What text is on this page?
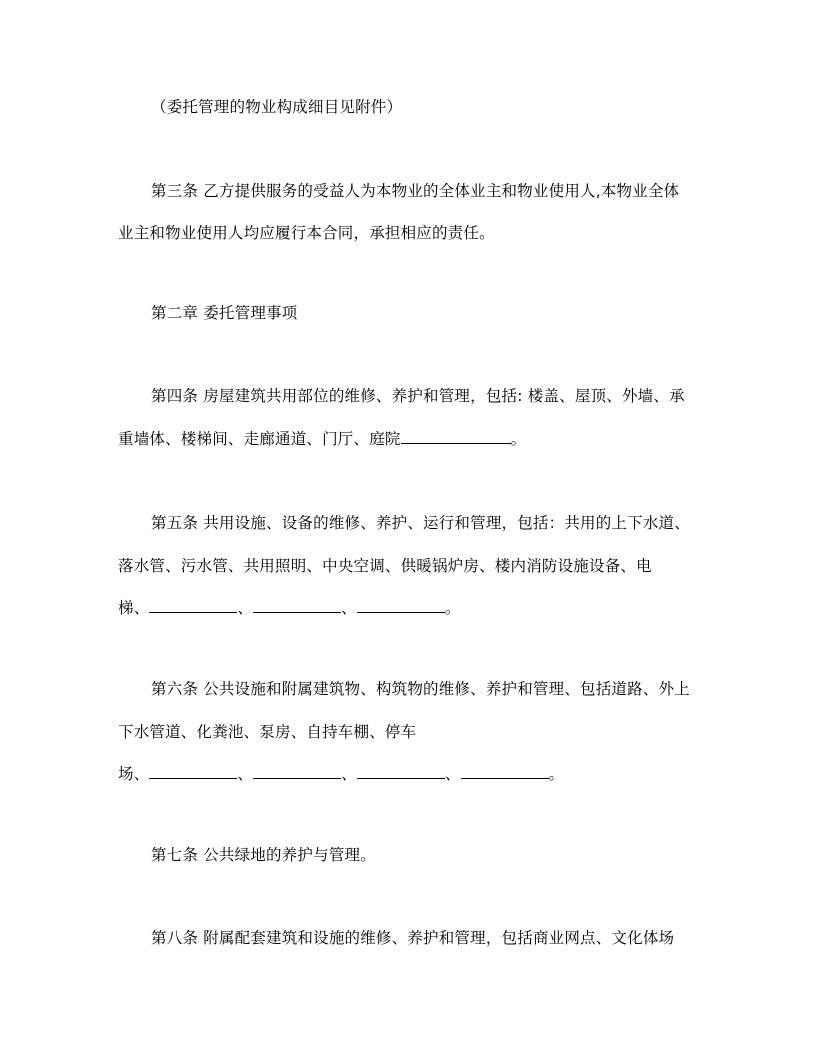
（委托管理的物业构成细目见附件）
第三条 乙方提供服务的受益人为本物业的全体业主和物业使用人,本物业全体
业主和物业使用人均应履行本合同，承担相应的责任。
第二章 委托管理事项
第四条 房屋建筑共用部位的维修、养护和管理，包括: 楼盖、屋顶、外墙、承
重墙体、楼梯间、走廊通道、门厅、庭院	。
第五条 共用设施、设备的维修、养护、运行和管理，包括：共用的上下水道、
落水管、污水管、共用照明、中央空调、供暖锅炉房、楼内消防设施设备、电
梯、	、	、	。
第六条 公共设施和附属建筑物、构筑物的维修、养护和管理、包括道路、外上
下水管道、化粪池、泵房、自持车棚、停车
场、	、	、	、	。
第七条 公共绿地的养护与管理。
第八条 附属配套建筑和设施的维修、养护和管理，包括商业网点、文化体场
